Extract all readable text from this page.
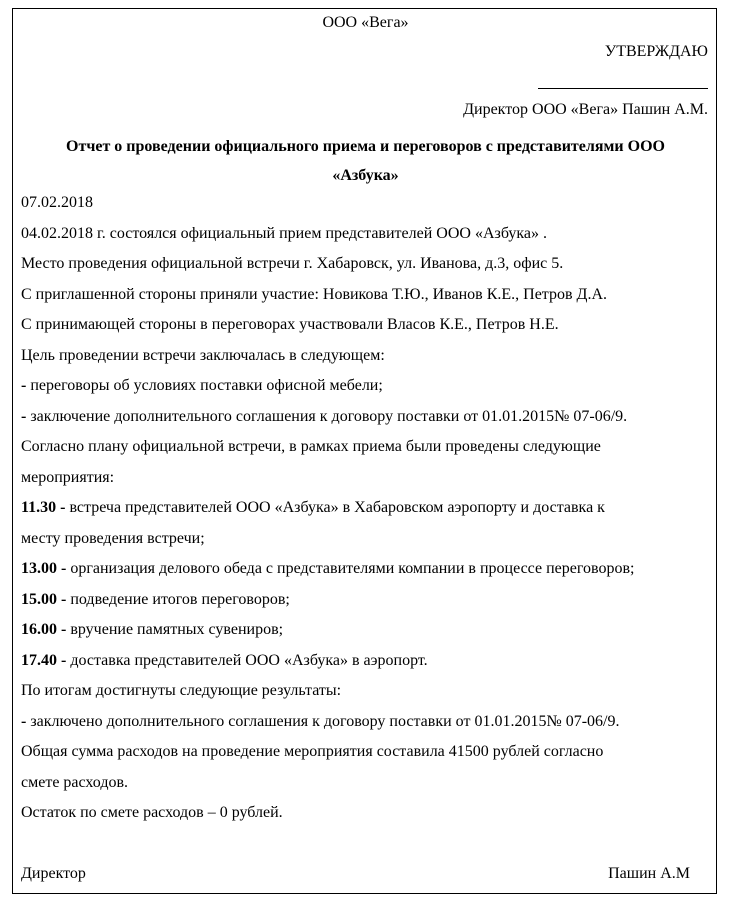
ООО «Вега»
УТВЕРЖДАЮ
Директор ООО «Вега» Пашин А.М.
Отчет о проведении официального приема и переговоров с представителями ООО
«Азбука»
07.02.2018
04.02.2018 г. состоялся официальный прием представителей ООО «Азбука» .
Место проведения официальной встречи г. Хабаровск, ул. Иванова, д.3, офис 5.
С приглашенной стороны приняли участие: Новикова Т.Ю., Иванов К.Е., Петров Д.А.
С принимающей стороны в переговорах участвовали Власов К.Е., Петров Н.Е.
Цель проведении встречи заключалась в следующем:
- переговоры об условиях поставки офисной мебели;
- заключение дополнительного соглашения к договору поставки от 01.01.2015№ 07-06/9.
Согласно плану официальной встречи, в рамках приема были проведены следующие
мероприятия:
11.30 - встреча представителей ООО «Азбука» в Хабаровском аэропорту и доставка к
месту проведения встречи;
13.00 - организация делового обеда с представителями компании в процессе переговоров;
15.00 - подведение итогов переговоров;
16.00 - вручение памятных сувениров;
17.40 - доставка представителей ООО «Азбука» в аэропорт.
По итогам достигнуты следующие результаты:
- заключено дополнительного соглашения к договору поставки от 01.01.2015№ 07-06/9.
Общая сумма расходов на проведение мероприятия составила 41500 рублей согласно
смете расходов.
Остаток по смете расходов – 0 рублей.
Директор	Пашин А.М
